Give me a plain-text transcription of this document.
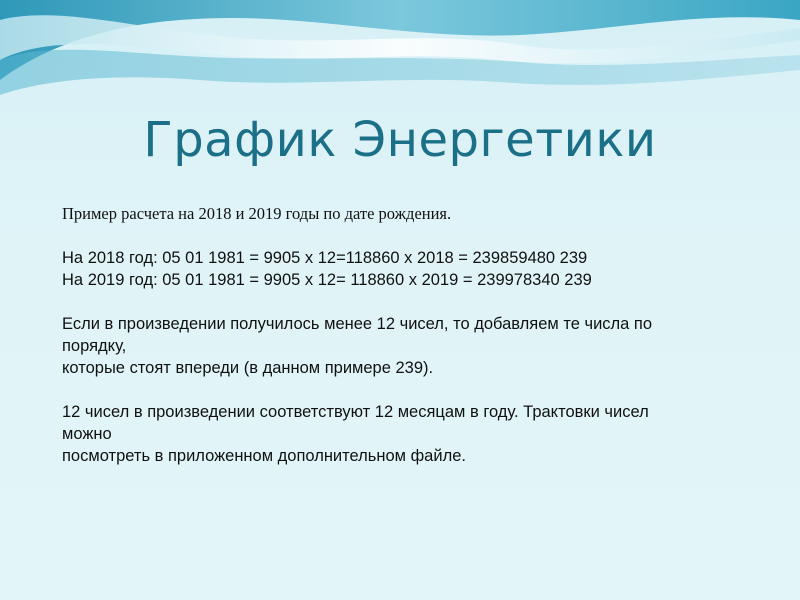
График Энергетики
Пример расчета на 2018 и 2019 годы по дате рождения.
На 2018 год: 05 01 1981 = 9905 x 12=118860 x 2018 = 239859480 239
На 2019 год: 05 01 1981 = 9905 x 12= 118860 x 2019 = 239978340 239
Если в произведении получилось менее 12 чисел, то добавляем те числа по
порядку,
которые стоят впереди (в данном примере 239).
12 чисел в произведении соответствуют 12 месяцам в году. Трактовки чисел
можно
посмотреть в приложенном дополнительном файле.
